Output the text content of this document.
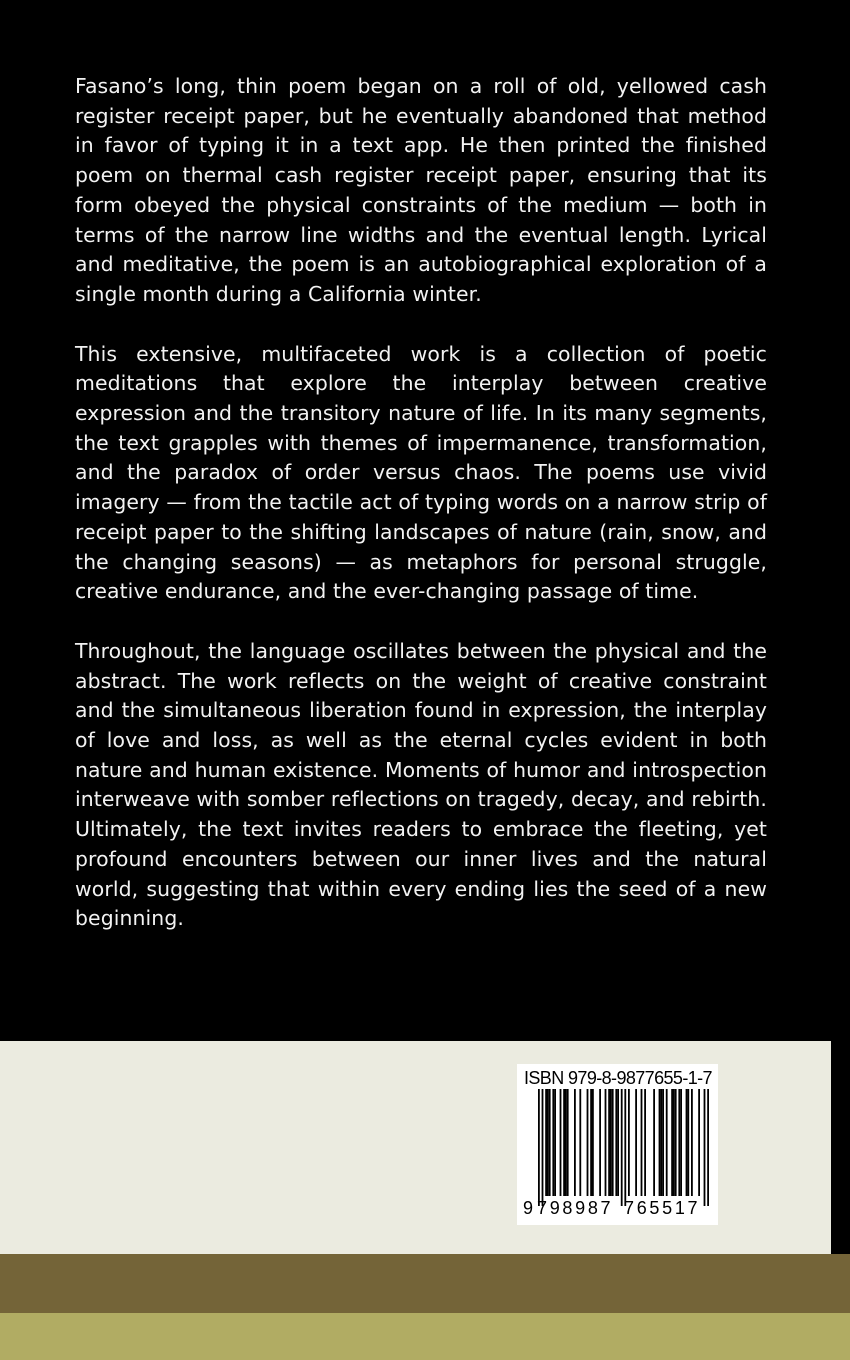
Fasano’s long, thin poem began on a roll of old, yellowed cash register receipt paper, but he eventually abandoned that method in favor of typing it in a text app. He then printed the finished poem on thermal cash register receipt paper, ensuring that its form obeyed the physical constraints of the medium — both in terms of the narrow line widths and the eventual length. Lyrical and meditative, the poem is an autobiographical exploration of a single month during a California winter.

This extensive, multifaceted work is a collection of poetic meditations that explore the interplay between creative expression and the transitory nature of life. In its many segments, the text grapples with themes of impermanence, transformation, and the paradox of order versus chaos. The poems use vivid imagery — from the tactile act of typing words on a narrow strip of receipt paper to the shifting landscapes of nature (rain, snow, and the changing seasons) — as metaphors for personal struggle, creative endurance, and the ever-changing passage of time.

Throughout, the language oscillates between the physical and the abstract. The work reflects on the weight of creative constraint and the simultaneous liberation found in expression, the interplay of love and loss, as well as the eternal cycles evident in both nature and human existence. Moments of humor and introspection interweave with somber reflections on tragedy, decay, and rebirth. Ultimately, the text invites readers to embrace the fleeting, yet profound encounters between our inner lives and the natural world, suggesting that within every ending lies the seed of a new beginning.

ISBN 979-8-9877655-1-7
9 798987 765517
